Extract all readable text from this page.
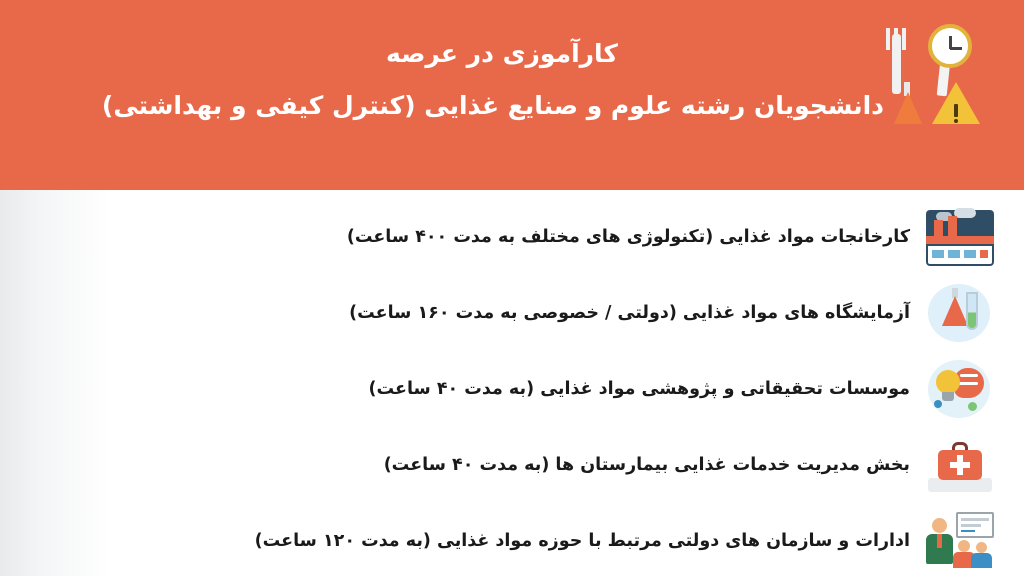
کارآموزی در عرصه
دانشجویان رشته علوم و صنایع غذایی (کنترل کیفی و بهداشتی)
کارخانجات مواد غذایی (تکنولوژی های مختلف به مدت ۴۰۰ ساعت)
آزمایشگاه های مواد غذایی (دولتی / خصوصی به مدت ۱۶۰ ساعت)
موسسات تحقیقاتی و پژوهشی مواد غذایی (به مدت ۴۰ ساعت)
بخش مدیریت خدمات غذایی بیمارستان ها (به مدت ۴۰ ساعت)
ادارات و سازمان های دولتی مرتبط با حوزه مواد غذایی (به مدت ۱۲۰ ساعت)
